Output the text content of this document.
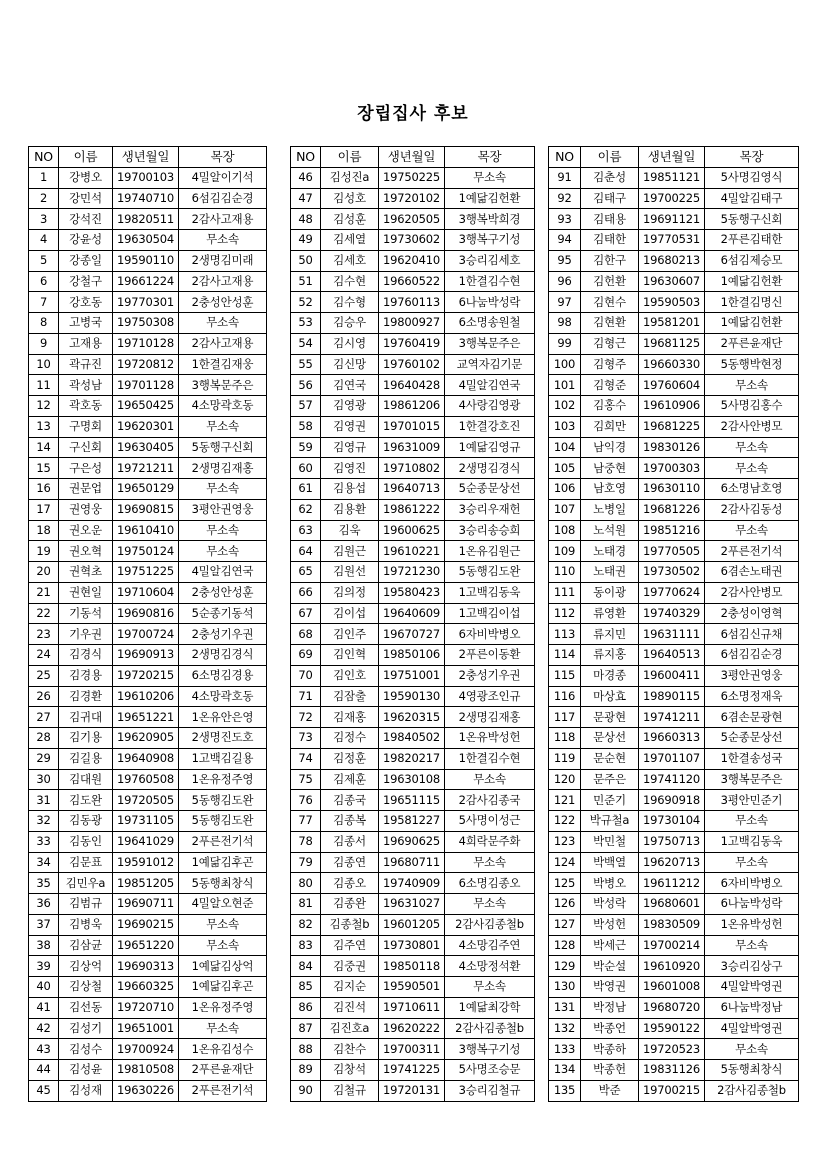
장립집사 후보
NO	이름	생년월일	목장
1	강병오	19700103	4밀알이기석
2	강민석	19740710	6섬김김순경
3	강석진	19820511	2감사고재용
4	강윤성	19630504	무소속
5	강종일	19590110	2생명김미래
6	강철구	19661224	2감사고재용
7	강호동	19770301	2충성안성훈
8	고병국	19750308	무소속
9	고재용	19710128	2감사고재용
10	곽규진	19720812	1한결김재웅
11	곽성남	19701128	3행복문주은
12	곽호동	19650425	4소망곽호동
13	구명회	19620301	무소속
14	구신회	19630405	5동행구신회
15	구은성	19721211	2생명김재홍
16	권문업	19650129	무소속
17	권영웅	19690815	3평안권영웅
18	권오운	19610410	무소속
19	권오혁	19750124	무소속
20	권혁초	19751225	4밀알김연국
21	권현일	19710604	2충성안성훈
22	기동석	19690816	5순종기동석
23	기우권	19700724	2충성기우권
24	김경식	19690913	2생명김경식
25	김경용	19720215	6소명김경용
26	김경환	19610206	4소망곽호동
27	김귀대	19651221	1온유안은영
28	김기용	19620905	2생명진도호
29	김길용	19640908	1고백김길용
30	김대원	19760508	1온유정주영
31	김도완	19720505	5동행김도완
32	김동광	19731105	5동행김도완
33	김동인	19641029	2푸른전기석
34	김문표	19591012	1예닮김후곤
35	김민우a	19851205	5동행최창식
36	김범규	19690711	4밀알오현준
37	김병욱	19690215	무소속
38	김삼균	19651220	무소속
39	김상억	19690313	1예닮김상억
40	김상철	19660325	1예닮김후곤
41	김선동	19720710	1온유정주영
42	김성기	19651001	무소속
43	김성수	19700924	1온유김성수
44	김성윤	19810508	2푸른윤재단
45	김성재	19630226	2푸른전기석
NO	이름	생년월일	목장
46	김성진a	19750225	무소속
47	김성호	19720102	1예닮김헌환
48	김성훈	19620505	3행복박희경
49	김세열	19730602	3행복구기성
50	김세호	19620410	3승리김세호
51	김수현	19660522	1한결김수현
52	김수형	19760113	6나눔박성락
53	김승우	19800927	6소명송원철
54	김시영	19760419	3행복문주은
55	김신망	19760102	교역자김기문
56	김연국	19640428	4밀알김연국
57	김영광	19861206	4사랑김영광
58	김영권	19701015	1한결강호진
59	김영규	19631009	1예닮김영규
60	김영진	19710802	2생명김경식
61	김용섭	19640713	5순종문상선
62	김용환	19861222	3승리우재헌
63	김욱	19600625	3승리송승희
64	김원근	19610221	1온유김원근
65	김원선	19721230	5동행김도완
66	김의정	19580423	1고백김동욱
67	김이섭	19640609	1고백김이섭
68	김인주	19670727	6자비박병오
69	김인혁	19850106	2푸른이동환
70	김인호	19751001	2충성기우권
71	김잠출	19590130	4영광조인규
72	김재홍	19620315	2생명김재홍
73	김정수	19840502	1온유박성헌
74	김정훈	19820217	1한결김수현
75	김제훈	19630108	무소속
76	김종국	19651115	2감사김종국
77	김종복	19581227	5사명이성근
78	김종서	19690625	4희락문주화
79	김종연	19680711	무소속
80	김종오	19740909	6소명김종오
81	김종완	19631027	무소속
82	김종철b	19601205	2감사김종철b
83	김주연	19730801	4소망김주연
84	김중권	19850118	4소망정석환
85	김지순	19590501	무소속
86	김진석	19710611	1예닮최강학
87	김진호a	19620222	2감사김종철b
88	김찬수	19700311	3행복구기성
89	김창석	19741225	5사명조승문
90	김철규	19720131	3승리김철규
NO	이름	생년월일	목장
91	김춘성	19851121	5사명김영식
92	김태구	19700225	4밀알김태구
93	김태용	19691121	5동행구신회
94	김태한	19770531	2푸른김태한
95	김한구	19680213	6섬김제승모
96	김헌환	19630607	1예닮김헌환
97	김현수	19590503	1한결김명신
98	김현환	19581201	1예닮김헌환
99	김형근	19681125	2푸른윤재단
100	김형주	19660330	5동행박현정
101	김형준	19760604	무소속
102	김홍수	19610906	5사명김홍수
103	김희만	19681225	2감사안병모
104	남익경	19830126	무소속
105	남중현	19700303	무소속
106	남호영	19630110	6소명남호영
107	노병일	19681226	2감사김동성
108	노석원	19851216	무소속
109	노태경	19770505	2푸른전기석
110	노태권	19730502	6겸손노태권
111	동이광	19770624	2감사안병모
112	류영환	19740329	2충성이영혁
113	류지민	19631111	6섬김신규채
114	류지홍	19640513	6섬김김순경
115	마경종	19600411	3평안권영웅
116	마상효	19890115	6소명정재욱
117	문광현	19741211	6겸손문광현
118	문상선	19660313	5순종문상선
119	문순현	19701107	1한결송성국
120	문주은	19741120	3행복문주은
121	민준기	19690918	3평안민준기
122	박규철a	19730104	무소속
123	박민철	19750713	1고백김동욱
124	박백열	19620713	무소속
125	박병오	19611212	6자비박병오
126	박성락	19680601	6나눔박성락
127	박성헌	19830509	1온유박성헌
128	박세근	19700214	무소속
129	박순설	19610920	3승리김상구
130	박영권	19601008	4밀알박영권
131	박정남	19680720	6나눔박정남
132	박종언	19590122	4밀알박영권
133	박종하	19720523	무소속
134	박종헌	19831126	5동행최창식
135	박준	19700215	2감사김종철b
